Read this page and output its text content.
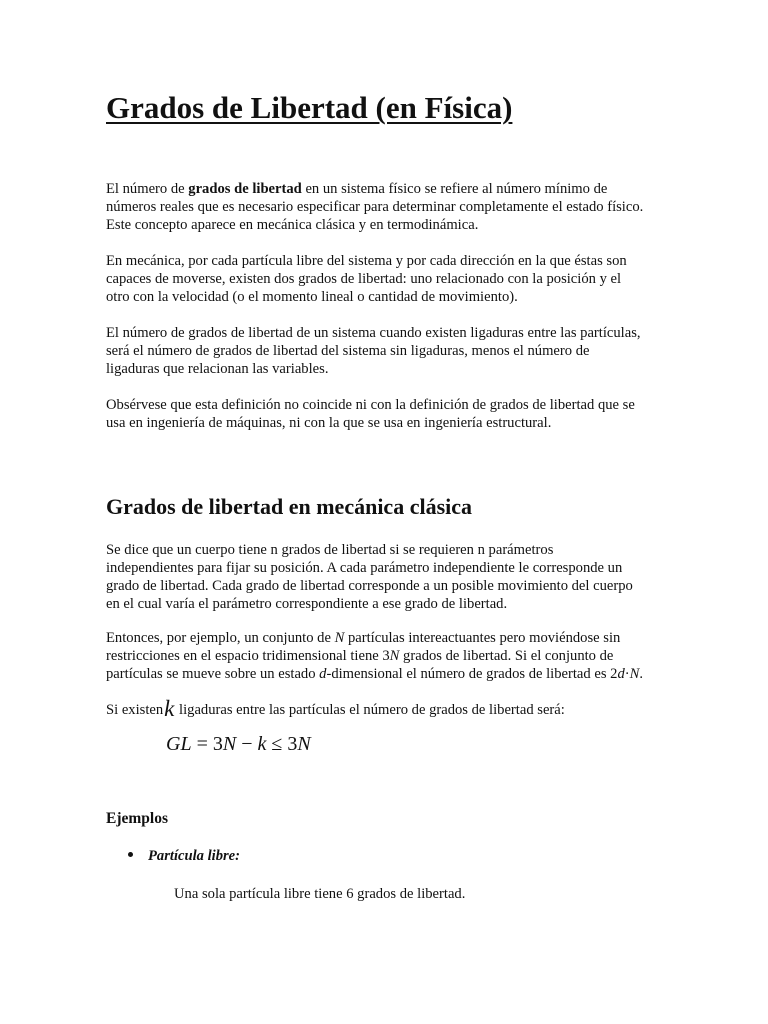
Grados de Libertad (en Física)

El número de grados de libertad en un sistema físico se refiere al número mínimo de
números reales que es necesario especificar para determinar completamente el estado físico.
Este concepto aparece en mecánica clásica y en termodinámica.

En mecánica, por cada partícula libre del sistema y por cada dirección en la que éstas son
capaces de moverse, existen dos grados de libertad: uno relacionado con la posición y el
otro con la velocidad (o el momento lineal o cantidad de movimiento).

El número de grados de libertad de un sistema cuando existen ligaduras entre las partículas,
será el número de grados de libertad del sistema sin ligaduras, menos el número de
ligaduras que relacionan las variables.

Obsérvese que esta definición no coincide ni con la definición de grados de libertad que se
usa en ingeniería de máquinas, ni con la que se usa en ingeniería estructural.

Grados de libertad en mecánica clásica

Se dice que un cuerpo tiene n grados de libertad si se requieren n parámetros
independientes para fijar su posición. A cada parámetro independiente le corresponde un
grado de libertad. Cada grado de libertad corresponde a un posible movimiento del cuerpo
en el cual varía el parámetro correspondiente a ese grado de libertad.

Entonces, por ejemplo, un conjunto de N partículas intereactuantes pero moviéndose sin
restricciones en el espacio tridimensional tiene 3N grados de libertad. Si el conjunto de
partículas se mueve sobre un estado d-dimensional el número de grados de libertad es 2d·N.

Si existenk ligaduras entre las partículas el número de grados de libertad será:

GL = 3N − k ≤ 3N
Ejemplos
Partícula libre:
Una sola partícula libre tiene 6 grados de libertad.
